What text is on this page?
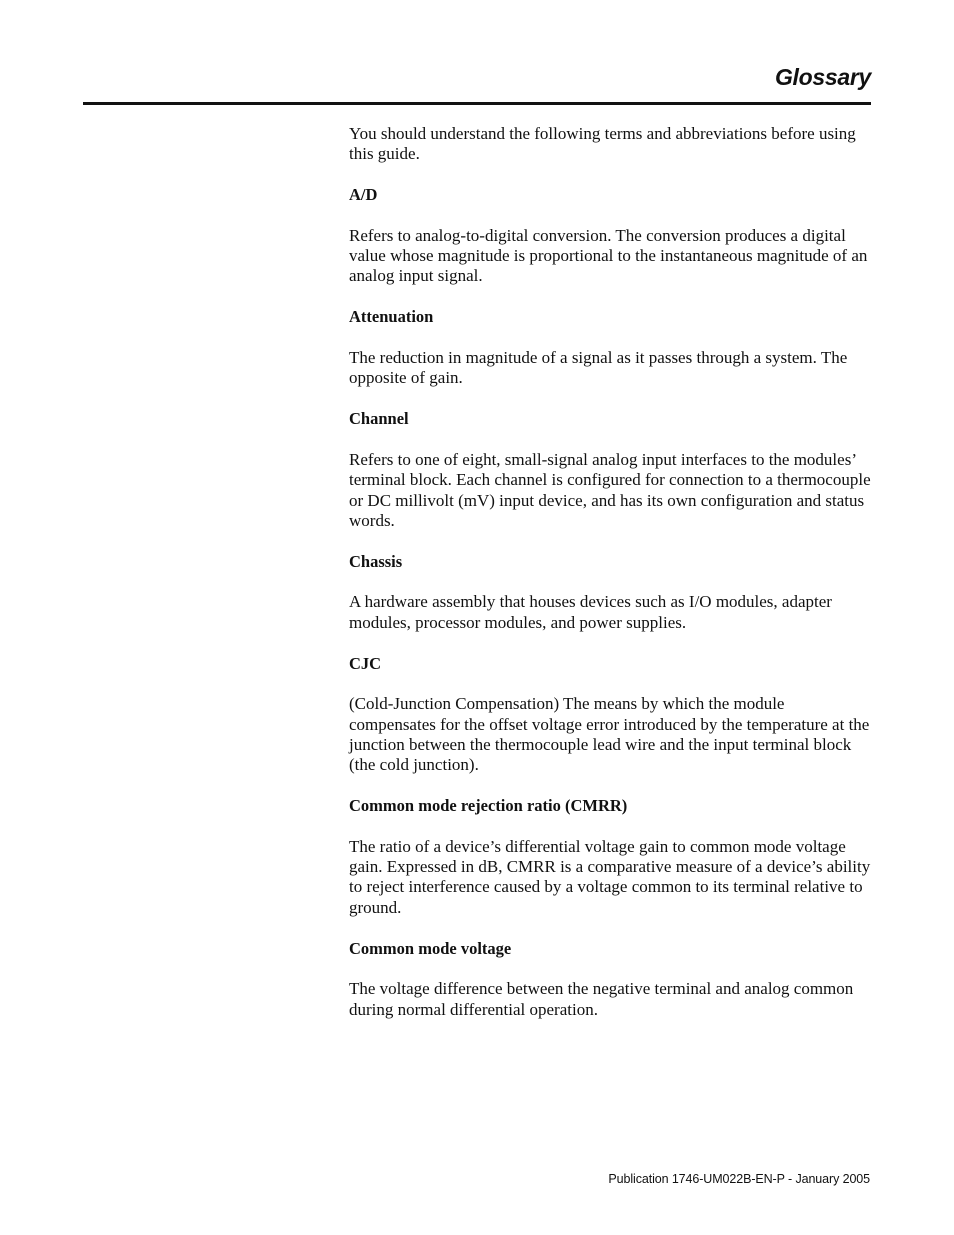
Glossary

You should understand the following terms and abbreviations before using this guide.

A/D

Refers to analog-to-digital conversion. The conversion produces a digital value whose magnitude is proportional to the instantaneous magnitude of an analog input signal.

Attenuation

The reduction in magnitude of a signal as it passes through a system. The opposite of gain.

Channel

Refers to one of eight, small-signal analog input interfaces to the modules’ terminal block. Each channel is configured for connection to a thermocouple or DC millivolt (mV) input device, and has its own configuration and status words.

Chassis

A hardware assembly that houses devices such as I/O modules, adapter modules, processor modules, and power supplies.

CJC

(Cold-Junction Compensation) The means by which the module compensates for the offset voltage error introduced by the temperature at the junction between the thermocouple lead wire and the input terminal block (the cold junction).

Common mode rejection ratio (CMRR)

The ratio of a device’s differential voltage gain to common mode voltage gain. Expressed in dB, CMRR is a comparative measure of a device’s ability to reject interference caused by a voltage common to its terminal relative to ground.

Common mode voltage

The voltage difference between the negative terminal and analog common during normal differential operation.

Publication 1746-UM022B-EN-P - January 2005
